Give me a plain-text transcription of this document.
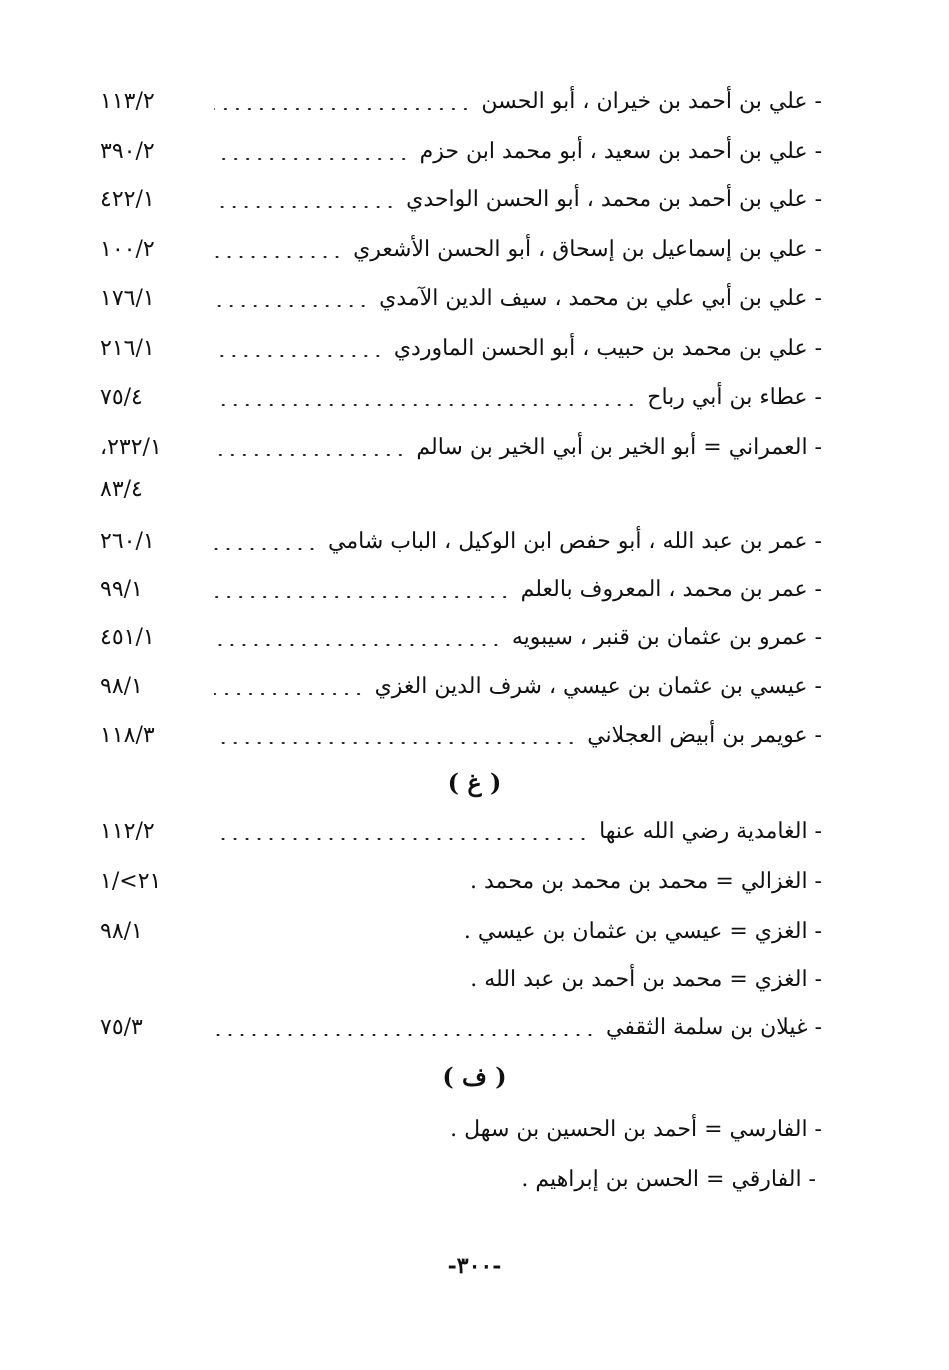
- علي بن أحمد بن خيران ، أبو الحسن
١١٣/٢
- علي بن أحمد بن سعيد ، أبو محمد ابن حزم
٣٩٠/٢
- علي بن أحمد بن محمد ، أبو الحسن الواحدي
٤٢٢/١
- علي بن إسماعيل بن إسحاق ، أبو الحسن الأشعري
١٠٠/٢
- علي بن أبي علي بن محمد ، سيف الدين الآمدي
١٧٦/١
- علي بن محمد بن حبيب ، أبو الحسن الماوردي
٢١٦/١
- عطاء بن أبي رباح
٧٥/٤
- العمراني = أبو الخير بن أبي الخير بن سالم
٢٣٢/١،
٨٣/٤
- عمر بن عبد الله ، أبو حفص ابن الوكيل ، الباب شامي
٢٦٠/١
- عمر بن محمد ، المعروف بالعلم
٩٩/١
- عمرو بن عثمان بن قنبر ، سيبويه
٤٥١/١
- عيسي بن عثمان بن عيسي ، شرف الدين الغزي
٩٨/١
- عويمر بن أبيض العجلاني
١١٨/٣
( غ )
- الغامدية رضي الله عنها
١١٢/٢
- الغزالي = محمد بن محمد بن محمد .
٢١>/١
- الغزي = عيسي بن عثمان بن عيسي .
٩٨/١
- الغزي = محمد بن أحمد بن عبد الله .
- غيلان بن سلمة الثقفي
٧٥/٣
( ف )
- الفارسي = أحمد بن الحسين بن سهل .
- الفارقي = الحسن بن إبراهيم .
-٣٠٠-
